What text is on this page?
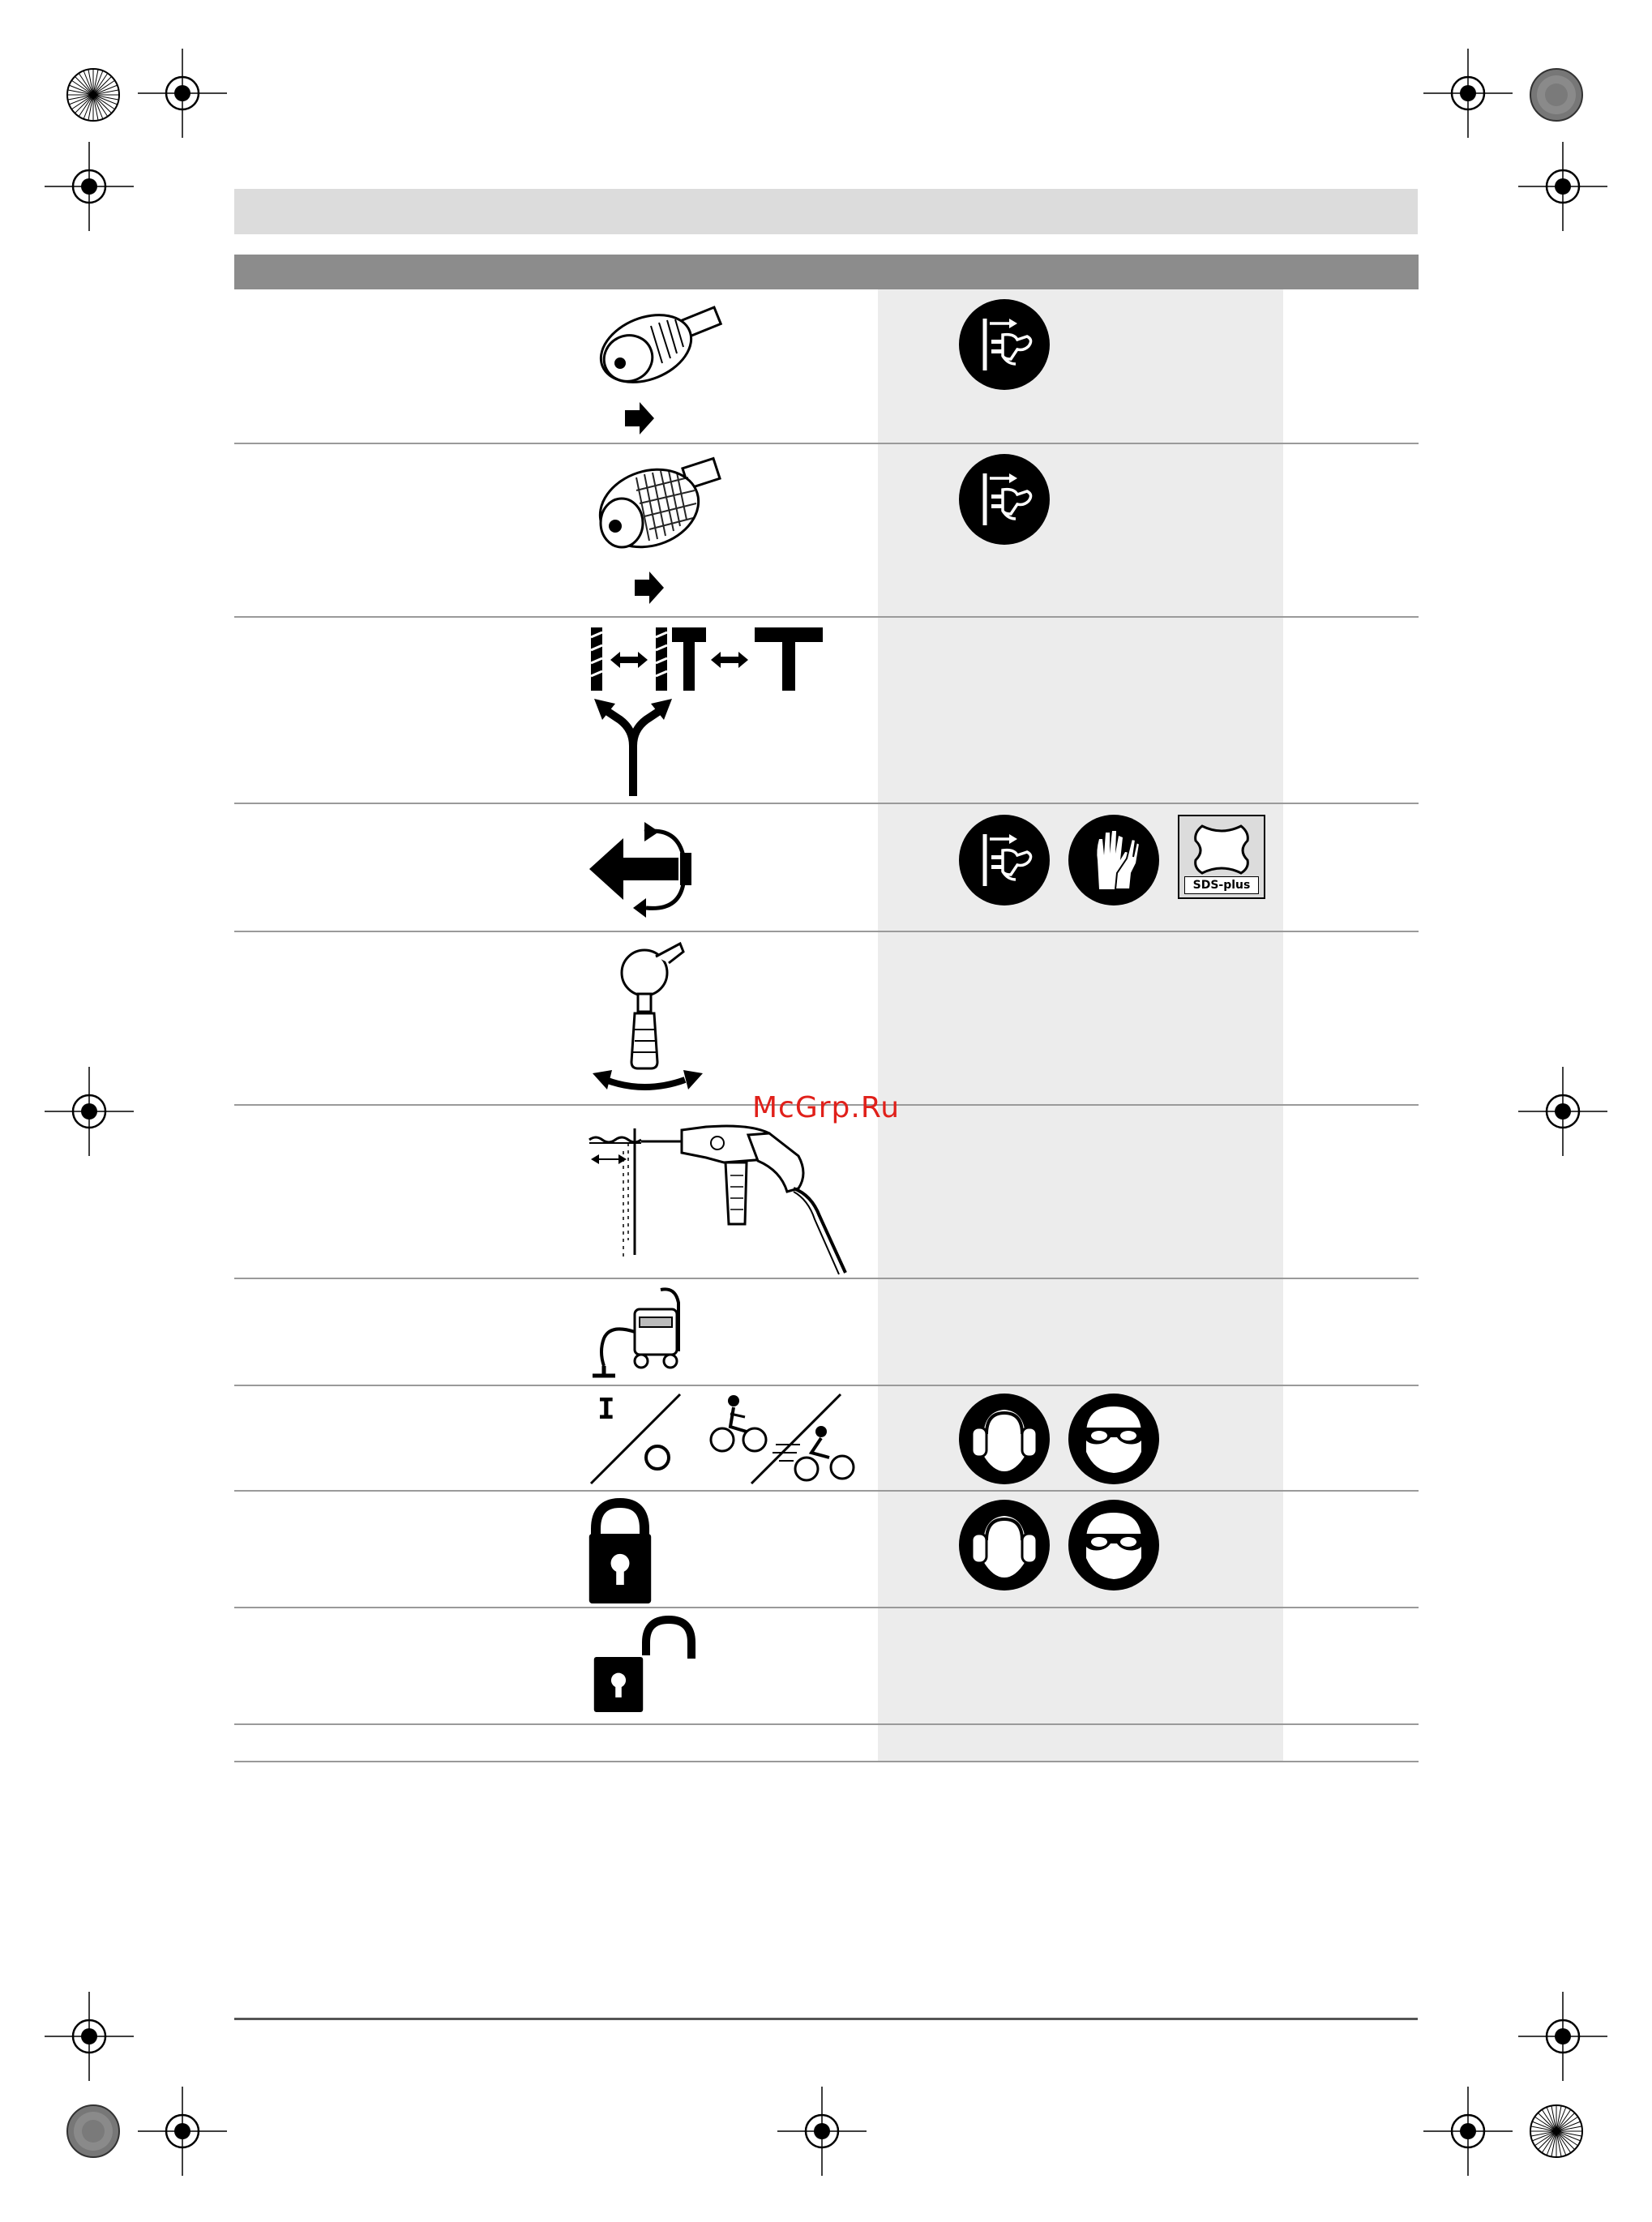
McGrp.Ru
SDS-plus
I
